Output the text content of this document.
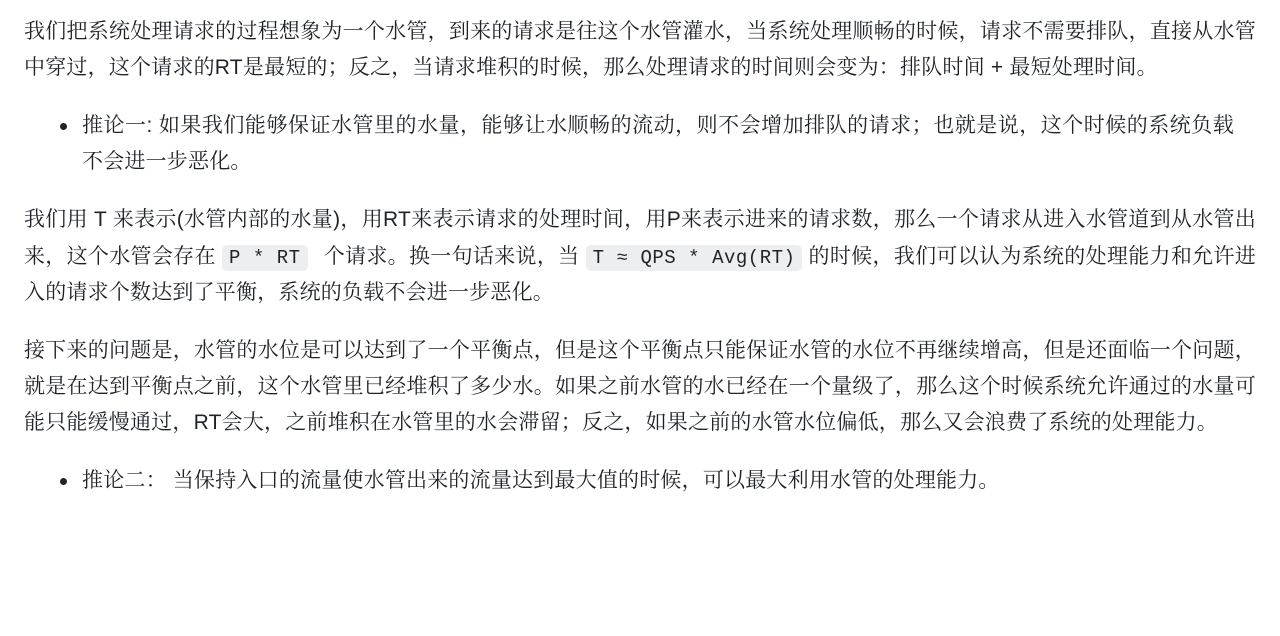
我们把系统处理请求的过程想象为一个水管，到来的请求是往这个水管灌水，当系统处理顺畅的时候，请求不需要排队，直接从水管中穿过，这个请求的RT是最短的；反之，当请求堆积的时候，那么处理请求的时间则会变为：排队时间 + 最短处理时间。

推论一: 如果我们能够保证水管里的水量，能够让水顺畅的流动，则不会增加排队的请求；也就是说，这个时候的系统负载不会进一步恶化。

我们用 T 来表示(水管内部的水量)，用RT来表示请求的处理时间，用P来表示进来的请求数，那么一个请求从进入水管道到从水管出来，这个水管会存在 P * RT 个请求。换一句话来说，当 T ≈ QPS * Avg(RT) 的时候，我们可以认为系统的处理能力和允许进入的请求个数达到了平衡，系统的负载不会进一步恶化。

接下来的问题是，水管的水位是可以达到了一个平衡点，但是这个平衡点只能保证水管的水位不再继续增高，但是还面临一个问题，就是在达到平衡点之前，这个水管里已经堆积了多少水。如果之前水管的水已经在一个量级了，那么这个时候系统允许通过的水量可能只能缓慢通过，RT会大，之前堆积在水管里的水会滞留；反之，如果之前的水管水位偏低，那么又会浪费了系统的处理能力。

推论二： 当保持入口的流量使水管出来的流量达到最大值的时候，可以最大利用水管的处理能力。
